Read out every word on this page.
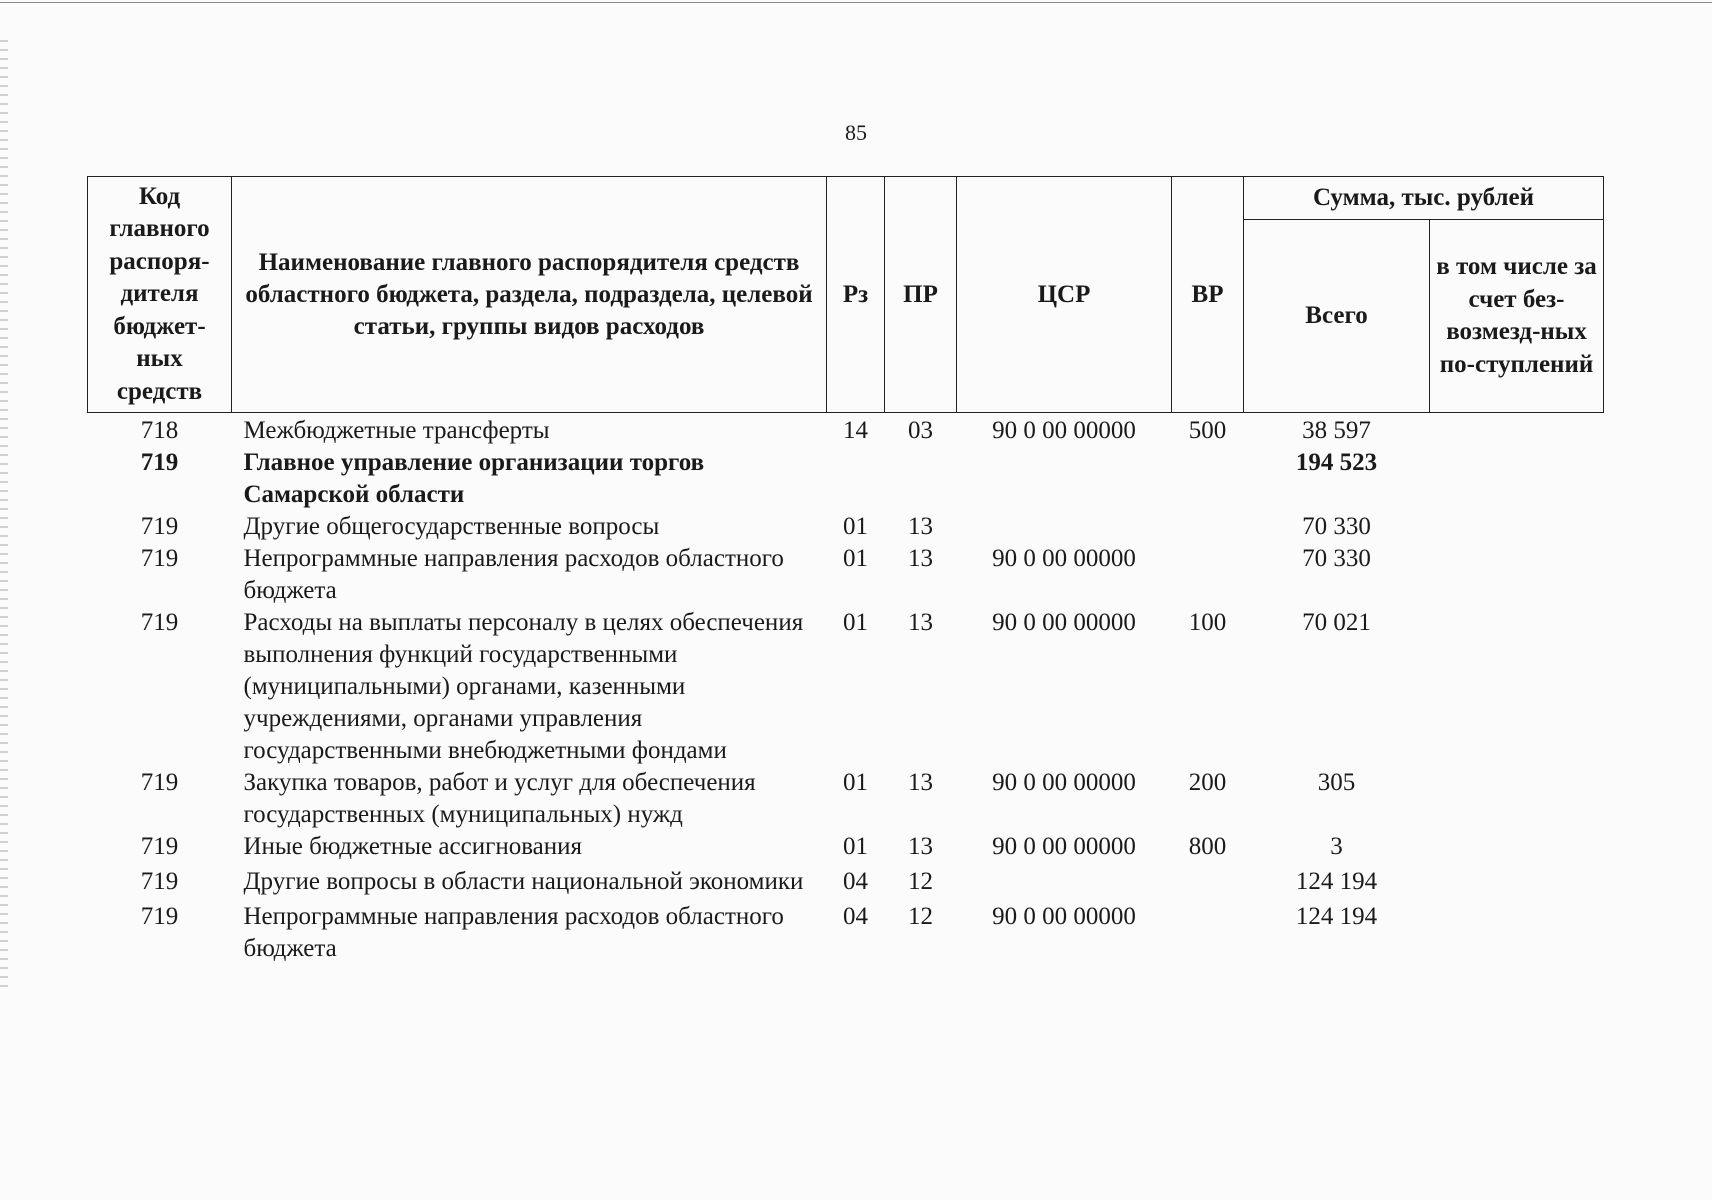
85
Код главного распоря-дителя бюджет-ных средств	Наименование главного распорядителя средств областного бюджета, раздела, подраздела, целевой статьи, группы видов расходов	Рз	ПР	ЦСР	ВР	Сумма, тыс. рублей	
						Всего	в том числе за счет без-возмезд-ных по-ступлений
718	Межбюджетные трансферты	14	03	90 0 00 00000	500	38 597	
719	Главное управление организации торгов Самарской области					194 523	
719	Другие общегосударственные вопросы	01	13			70 330	
719	Непрограммные направления расходов областного бюджета	01	13	90 0 00 00000		70 330	
719	Расходы на выплаты персоналу в целях обеспечения выполнения функций государственными (муниципальными) органами, казенными учреждениями, органами управления государственными внебюджетными фондами	01	13	90 0 00 00000	100	70 021	
719	Закупка товаров, работ и услуг для обеспечения государственных (муниципальных) нужд	01	13	90 0 00 00000	200	305	
719	Иные бюджетные ассигнования	01	13	90 0 00 00000	800	3	
719	Другие вопросы в области национальной экономики	04	12			124 194	
719	Непрограммные направления расходов областного бюджета	04	12	90 0 00 00000		124 194	
